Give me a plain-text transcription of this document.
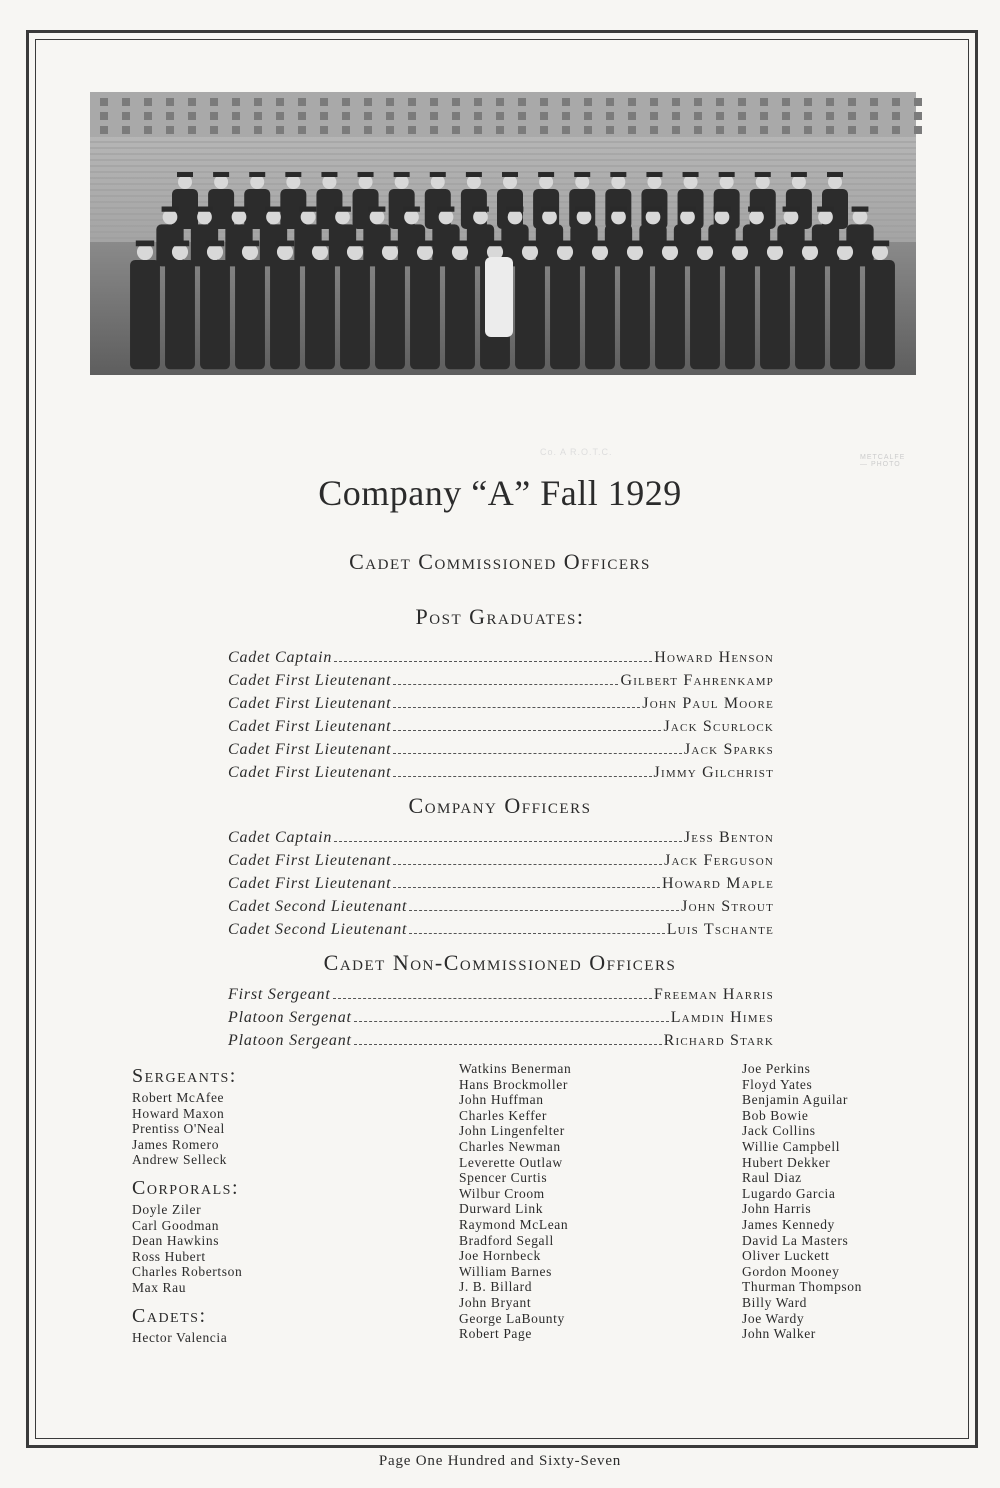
Co. A R.O.T.C.
METCALFE — PHOTO
Company “A” Fall 1929
Cadet Commissioned Officers
Post Graduates:
Cadet Captain	Howard Henson
Cadet First Lieutenant	Gilbert Fahrenkamp
Cadet First Lieutenant	John Paul Moore
Cadet First Lieutenant	Jack Scurlock
Cadet First Lieutenant	Jack Sparks
Cadet First Lieutenant	Jimmy Gilchrist
Company Officers
Cadet Captain	Jess Benton
Cadet First Lieutenant	Jack Ferguson
Cadet First Lieutenant	Howard Maple
Cadet Second Lieutenant	John Strout
Cadet Second Lieutenant	Luis Tschante
Cadet Non-Commissioned Officers
First Sergeant	Freeman Harris
Platoon Sergenat	Lamdin Himes
Platoon Sergeant	Richard Stark
Sergeants:
Robert McAfee
Howard Maxon
Prentiss O'Neal
James Romero
Andrew Selleck
Corporals:
Doyle Ziler
Carl Goodman
Dean Hawkins
Ross Hubert
Charles Robertson
Max Rau
Cadets:
Hector Valencia
Watkins Benerman
Hans Brockmoller
John Huffman
Charles Keffer
John Lingenfelter
Charles Newman
Leverette Outlaw
Spencer Curtis
Wilbur Croom
Durward Link
Raymond McLean
Bradford Segall
Joe Hornbeck
William Barnes
J. B. Billard
John Bryant
George LaBounty
Robert Page
Joe Perkins
Floyd Yates
Benjamin Aguilar
Bob Bowie
Jack Collins
Willie Campbell
Hubert Dekker
Raul Diaz
Lugardo Garcia
John Harris
James Kennedy
David La Masters
Oliver Luckett
Gordon Mooney
Thurman Thompson
Billy Ward
Joe Wardy
John Walker
Page One Hundred and Sixty-Seven
